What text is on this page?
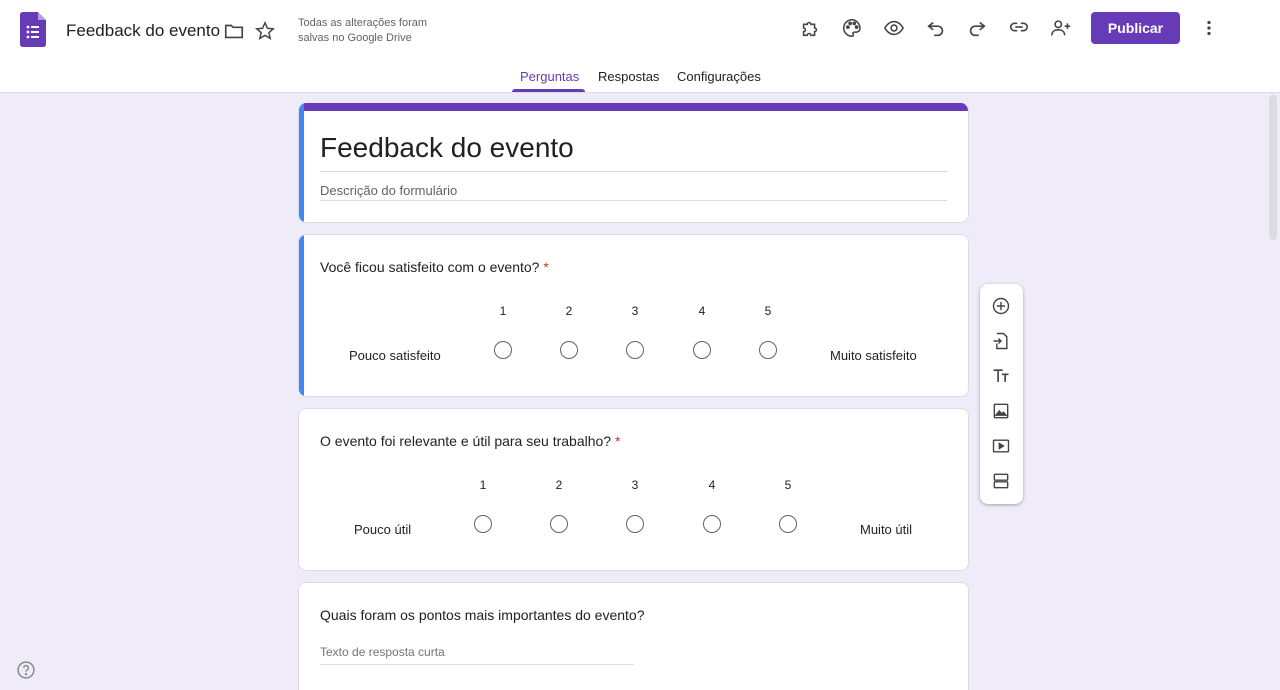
Feedback do evento	Todas as alterações foram salvas no Google Drive
Publicar
Perguntas Respostas Configurações
Feedback do evento
Descrição do formulário
Você ficou satisfeito com o evento? *
1	2	3	4	5
Pouco satisfeito	Muito satisfeito
O evento foi relevante e útil para seu trabalho? *
1	2	3	4	5
Pouco útil	Muito útil
Quais foram os pontos mais importantes do evento?
Texto de resposta curta
